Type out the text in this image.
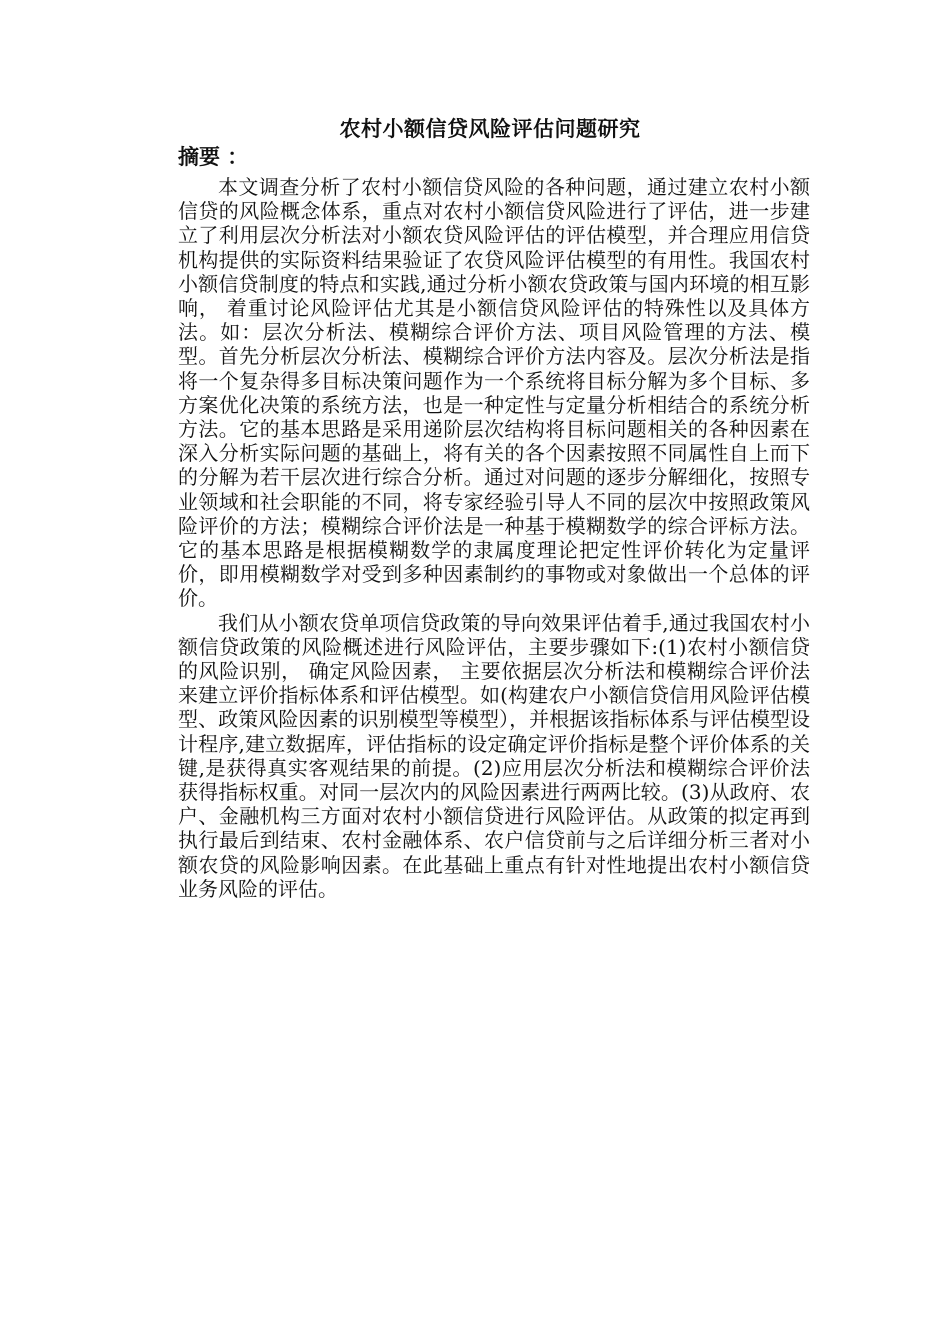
农村小额信贷风险评估问题研究
摘要 ：

本文调查分析了农村小额信贷风险的各种问题，通过建立农村小额信贷的风险概念体系，重点对农村小额信贷风险进行了评估，进一步建立了利用层次分析法对小额农贷风险评估的评估模型，并合理应用信贷机构提供的实际资料结果验证了农贷风险评估模型的有用性。我国农村小额信贷制度的特点和实践,通过分析小额农贷政策与国内环境的相互影响， 着重讨论风险评估尤其是小额信贷风险评估的特殊性以及具体方法。如：层次分析法、模糊综合评价方法、项目风险管理的方法、模型。首先分析层次分析法、模糊综合评价方法内容及。层次分析法是指将一个复杂得多目标决策问题作为一个系统将目标分解为多个目标、多方案优化决策的系统方法，也是一种定性与定量分析相结合的系统分析方法。它的基本思路是采用递阶层次结构将目标问题相关的各种因素在深入分析实际问题的基础上，将有关的各个因素按照不同属性自上而下的分解为若干层次进行综合分析。通过对问题的逐步分解细化，按照专业领域和社会职能的不同，将专家经验引导人不同的层次中按照政策风险评价的方法；模糊综合评价法是一种基于模糊数学的综合评标方法。它的基本思路是根据模糊数学的隶属度理论把定性评价转化为定量评价，即用模糊数学对受到多种因素制约的事物或对象做出一个总体的评价。

我们从小额农贷单项信贷政策的导向效果评估着手,通过我国农村小额信贷政策的风险概述进行风险评估，主要步骤如下:(1)农村小额信贷的风险识别， 确定风险因素， 主要依据层次分析法和模糊综合评价法来建立评价指标体系和评估模型。如(构建农户小额信贷信用风险评估模型、政策风险因素的识别模型等模型），并根据该指标体系与评估模型设计程序,建立数据库，评估指标的设定确定评价指标是整个评价体系的关键,是获得真实客观结果的前提。(2)应用层次分析法和模糊综合评价法获得指标权重。对同一层次内的风险因素进行两两比较。(3)从政府、农户、金融机构三方面对农村小额信贷进行风险评估。从政策的拟定再到执行最后到结束、农村金融体系、农户信贷前与之后详细分析三者对小额农贷的风险影响因素。在此基础上重点有针对性地提出农村小额信贷业务风险的评估。
